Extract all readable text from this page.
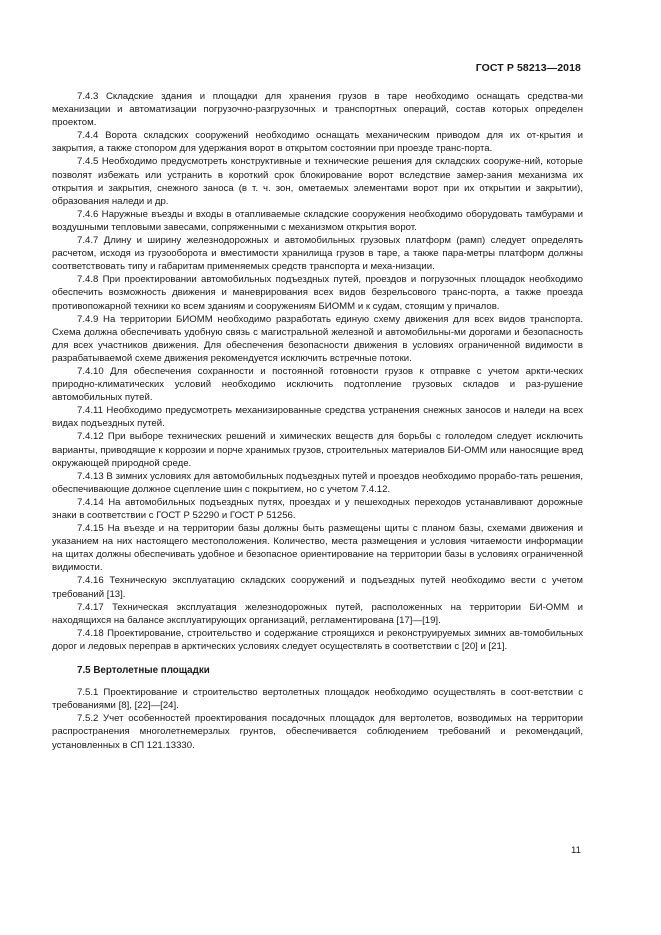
ГОСТ Р 58213—2018

7.4.3 Складские здания и площадки для хранения грузов в таре необходимо оснащать средства-ми механизации и автоматизации погрузочно-разгрузочных и транспортных операций, состав которых определен проектом.

7.4.4 Ворота складских сооружений необходимо оснащать механическим приводом для их от-крытия и закрытия, а также стопором для удержания ворот в открытом состоянии при проезде транс-порта.

7.4.5 Необходимо предусмотреть конструктивные и технические решения для складских сооруже-ний, которые позволят избежать или устранить в короткий срок блокирование ворот вследствие замер-зания механизма их открытия и закрытия, снежного заноса (в т. ч. зон, ометаемых элементами ворот при их открытии и закрытии), образования наледи и др.

7.4.6 Наружные въезды и входы в отапливаемые складские сооружения необходимо оборудовать тамбурами и воздушными тепловыми завесами, сопряженными с механизмом открытия ворот.

7.4.7 Длину и ширину железнодорожных и автомобильных грузовых платформ (рамп) следует определять расчетом, исходя из грузооборота и вместимости хранилища грузов в таре, а также пара-метры платформ должны соответствовать типу и габаритам применяемых средств транспорта и меха-низации.

7.4.8 При проектировании автомобильных подъездных путей, проездов и погрузочных площадок необходимо обеспечить возможность движения и маневрирования всех видов безрельсового транс-порта, а также проезда противопожарной техники ко всем зданиям и сооружениям БИОММ и к судам, стоящим у причалов.

7.4.9 На территории БИОММ необходимо разработать единую схему движения для всех видов транспорта. Схема должна обеспечивать удобную связь с магистральной железной и автомобильны-ми дорогами и безопасность для всех участников движения. Для обеспечения безопасности движения в условиях ограниченной видимости в разрабатываемой схеме движения рекомендуется исключить встречные потоки.

7.4.10 Для обеспечения сохранности и постоянной готовности грузов к отправке с учетом аркти-ческих природно-климатических условий необходимо исключить подтопление грузовых складов и раз-рушение автомобильных путей.

7.4.11 Необходимо предусмотреть механизированные средства устранения снежных заносов и наледи на всех видах подъездных путей.

7.4.12 При выборе технических решений и химических веществ для борьбы с гололедом следует исключить варианты, приводящие к коррозии и порче хранимых грузов, строительных материалов БИ-ОММ или наносящие вред окружающей природной среде.

7.4.13 В зимних условиях для автомобильных подъездных путей и проездов необходимо прорабо-тать решения, обеспечивающие должное сцепление шин с покрытием, но с учетом 7.4.12.

7.4.14 На автомобильных подъездных путях, проездах и у пешеходных переходов устанавливают дорожные знаки в соответствии с ГОСТ Р 52290 и ГОСТ Р 51256.

7.4.15 На въезде и на территории базы должны быть размещены щиты с планом базы, схемами движения и указанием на них настоящего местоположения. Количество, места размещения и условия читаемости информации на щитах должны обеспечивать удобное и безопасное ориентирование на территории базы в условиях ограниченной видимости.

7.4.16 Техническую эксплуатацию складских сооружений и подъездных путей необходимо вести с учетом требований [13].

7.4.17 Техническая эксплуатация железнодорожных путей, расположенных на территории БИ-ОММ и находящихся на балансе эксплуатирующих организаций, регламентирована [17]—[19].

7.4.18 Проектирование, строительство и содержание строящихся и реконструируемых зимних ав-томобильных дорог и ледовых переправ в арктических условиях следует осуществлять в соответствии с [20] и [21].

7.5 Вертолетные площадки

7.5.1 Проектирование и строительство вертолетных площадок необходимо осуществлять в соот-ветствии с требованиями [8], [22]—[24].

7.5.2 Учет особенностей проектирования посадочных площадок для вертолетов, возводимых на территории распространения многолетнемерзлых грунтов, обеспечивается соблюдением требований и рекомендаций, установленных в СП 121.13330.

11
